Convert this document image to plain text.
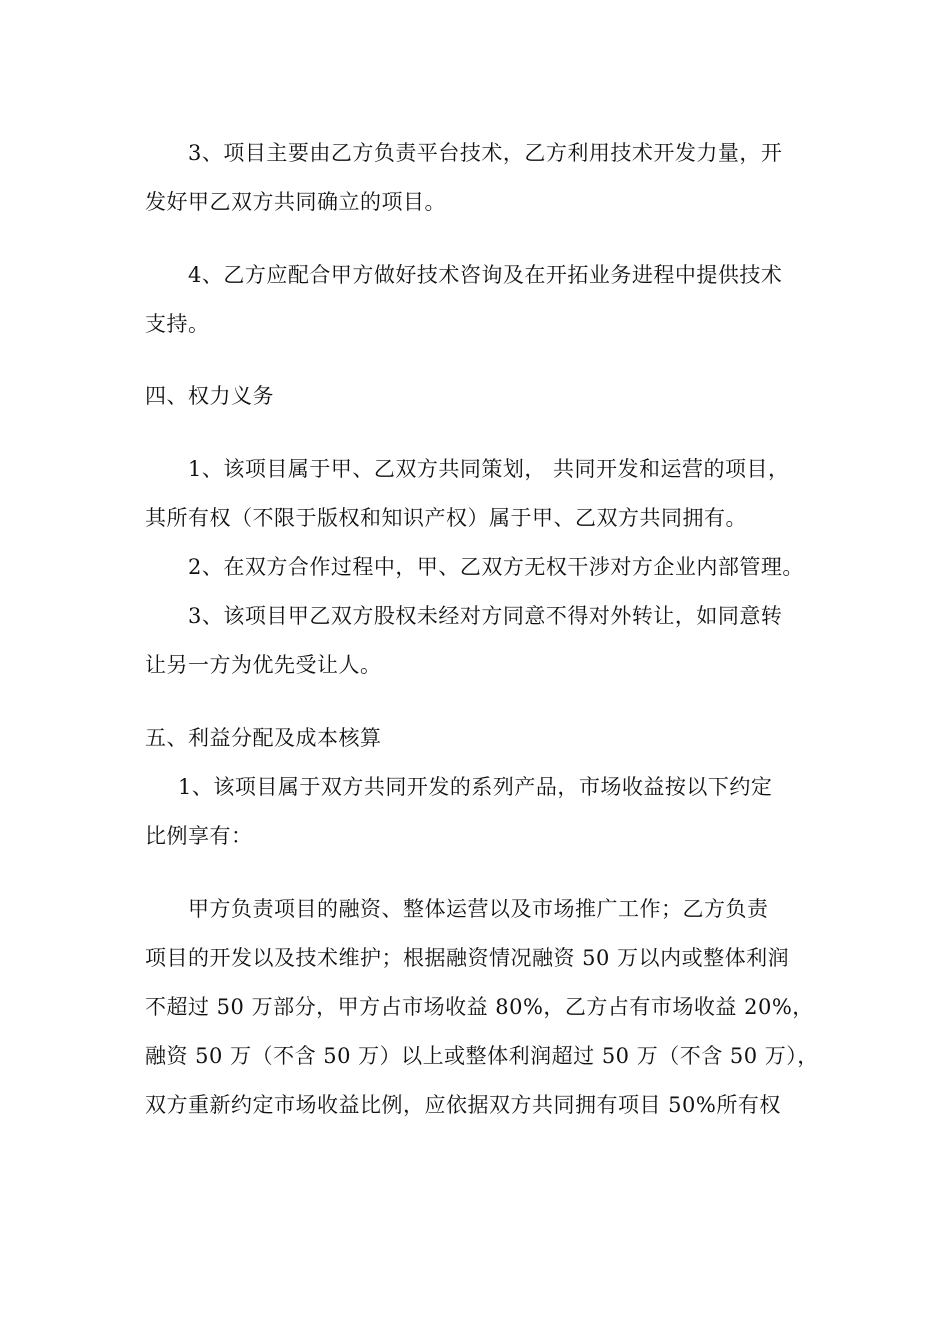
3、项目主要由乙方负责平台技术，乙方利用技术开发力量，开
发好甲乙双方共同确立的项目。
4、乙方应配合甲方做好技术咨询及在开拓业务进程中提供技术
支持。
四、权力义务
1、该项目属于甲、乙双方共同策划， 共同开发和运营的项目，
其所有权（不限于版权和知识产权）属于甲、乙双方共同拥有。
2、在双方合作过程中，甲、乙双方无权干涉对方企业内部管理。
3、该项目甲乙双方股权未经对方同意不得对外转让，如同意转
让另一方为优先受让人。
五、利益分配及成本核算
1、该项目属于双方共同开发的系列产品，市场收益按以下约定
比例享有：
甲方负责项目的融资、整体运营以及市场推广工作；乙方负责
项目的开发以及技术维护；根据融资情况融资 50 万以内或整体利润
不超过 50 万部分，甲方占市场收益 80%，乙方占有市场收益 20%，
融资 50 万（不含 50 万）以上或整体利润超过 50 万（不含 50 万），
双方重新约定市场收益比例，应依据双方共同拥有项目 50%所有权
